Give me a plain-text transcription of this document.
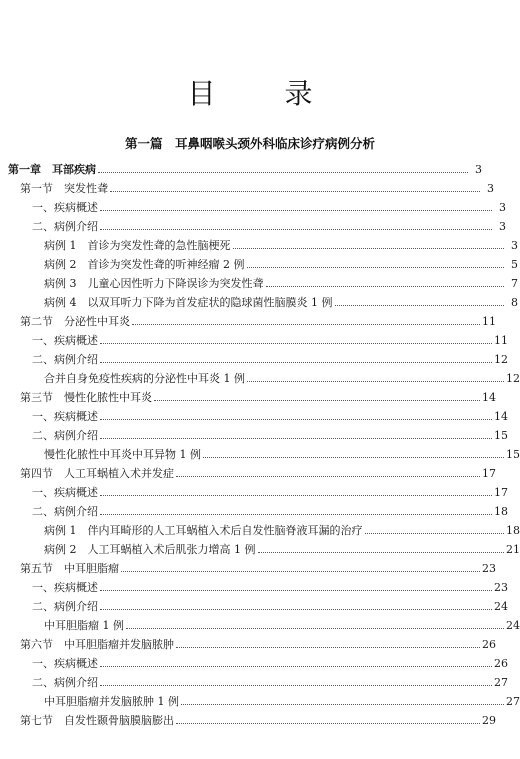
目 录
第一篇　耳鼻咽喉头颈外科临床诊疗病例分析
第一章　耳部疾病	3
第一节　突发性聋	3
一、疾病概述	3
二、病例介绍	3
病例 1　首诊为突发性聋的急性脑梗死	3
病例 2　首诊为突发性聋的听神经瘤 2 例	5
病例 3　儿童心因性听力下降误诊为突发性聋	7
病例 4　以双耳听力下降为首发症状的隐球菌性脑膜炎 1 例	8
第二节　分泌性中耳炎	11
一、疾病概述	11
二、病例介绍	12
合并自身免疫性疾病的分泌性中耳炎 1 例	12
第三节　慢性化脓性中耳炎	14
一、疾病概述	14
二、病例介绍	15
慢性化脓性中耳炎中耳异物 1 例	15
第四节　人工耳蜗植入术并发症	17
一、疾病概述	17
二、病例介绍	18
病例 1　伴内耳畸形的人工耳蜗植入术后自发性脑脊液耳漏的治疗	18
病例 2　人工耳蜗植入术后肌张力增高 1 例	21
第五节　中耳胆脂瘤	23
一、疾病概述	23
二、病例介绍	24
中耳胆脂瘤 1 例	24
第六节　中耳胆脂瘤并发脑脓肿	26
一、疾病概述	26
二、病例介绍	27
中耳胆脂瘤并发脑脓肿 1 例	27
第七节　自发性颞骨脑膜脑膨出	29
